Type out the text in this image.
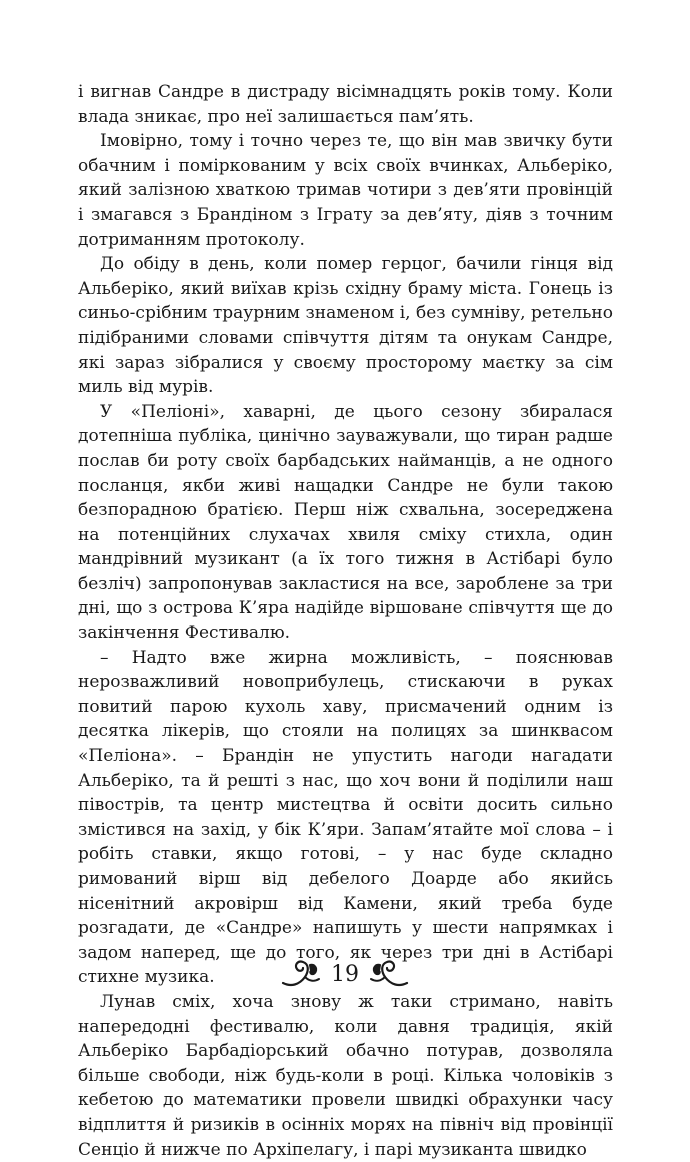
і вигнав Сандре в дистраду вісімнадцять років тому. Коли влада зникає, про неї залишається пам’ять.

Імовірно, тому і точно через те, що він мав звичку бути обачним і поміркованим у всіх своїх вчинках, Альберіко, який залізною хваткою тримав чотири з дев’яти провінцій і змагався з Брандіном з Іграту за дев’яту, діяв з точним дотриманням протоколу.

До обіду в день, коли помер герцог, бачили гінця від Альберіко, який виїхав крізь східну браму міста. Гонець із синьо-срібним траурним знаменом і, без сумніву, ретельно підібраними словами співчуття дітям та онукам Сандре, які зараз зібралися у своєму просторому маєтку за сім миль від мурів.

У «Пеліоні», хаварні, де цього сезону збиралася дотепніша публіка, цинічно зауважували, що тиран радше послав би роту своїх барбадських найманців, а не одного посланця, якби живі нащадки Сандре не були такою безпорадною братією. Перш ніж схвальна, зосереджена на потенційних слухачах хвиля сміху стихла, один мандрівний музикант (а їх того тижня в Астібарі було безліч) запропонував закластися на все, зароблене за три дні, що з острова К’яра надійде віршоване співчуття ще до закінчення Фестивалю.

– Надто вже жирна можливість, – пояснював нерозважливий новоприбулець, стискаючи в руках повитий парою кухоль хаву, присмачений одним із десятка лікерів, що стояли на полицях за шинквасом «Пеліона». – Брандін не упустить нагоди нагадати Альберіко, та й решті з нас, що хоч вони й поділили наш півострів, та центр мистецтва й освіти досить сильно змістився на захід, у бік К’яри. Запам’ятайте мої слова – і робіть ставки, якщо готові, – у нас буде складно римований вірш від дебелого Доарде або якийсь нісенітний акровірш від Камени, який треба буде розгадати, де «Сандре» напишуть у шести напрямках і задом наперед, ще до того, як через три дні в Астібарі стихне музика.

Лунав сміх, хоча знову ж таки стримано, навіть напередодні фестивалю, коли давня традиція, якій Альберіко Барбадіорський обачно потурав, дозволяла більше свободи, ніж будь-коли в році. Кілька чоловіків з кебетою до математики провели швидкі обрахунки часу відплиття й ризиків в осінніх морях на північ від провінції Сенціо й нижче по Архіпелагу, і парі музиканта швидко

19
